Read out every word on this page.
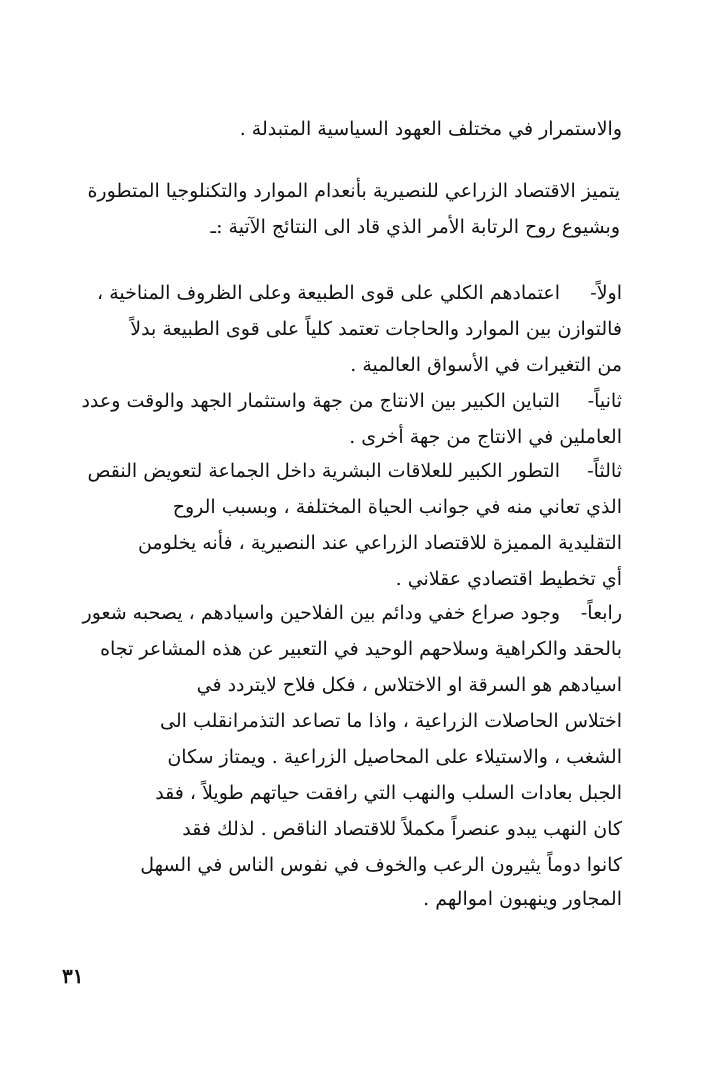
والاستمرار في مختلف العهود السياسية المتبدلة .
يتميز الاقتصاد الزراعي للنصيرية بأنعدام الموارد والتكنلوجيا المتطورة
وبشيوع روح الرتابة الأمر الذي قاد الى النتائج الآتية :ـ
اولاً-
اعتمادهم الكلي على قوى الطبيعة وعلى الظروف المناخية ،
فالتوازن بين الموارد والحاجات تعتمد كلياً على قوى الطبيعة بدلاً
من التغيرات في الأسواق العالمية .
ثانياً-
التباين الكبير بين الانتاج من جهة واستثمار الجهد والوقت وعدد
العاملين في الانتاج من جهة أخرى .
ثالثاً-
التطور الكبير للعلاقات البشرية داخل الجماعة لتعويض النقص
الذي تعاني منه في جوانب الحياة المختلفة ، وبسبب الروح
التقليدية المميزة للاقتصاد الزراعي عند النصيرية ، فأنه يخلومن
أي تخطيط اقتصادي عقلاني .
رابعاً-
وجود صراع خفي ودائم بين الفلاحين واسيادهم ، يصحبه شعور
بالحقد والكراهية وسلاحهم الوحيد في التعبير عن هذه المشاعر تجاه
اسيادهم هو السرقة او الاختلاس ، فكل فلاح لايتردد في
اختلاس الحاصلات الزراعية ، واذا ما تصاعد التذمرانقلب الى
الشغب ، والاستيلاء على المحاصيل الزراعية . ويمتاز سكان
الجبل بعادات السلب والنهب التي رافقت حياتهم طويلاً ، فقد
كان النهب يبدو عنصراً مكملاً للاقتصاد الناقص . لذلك فقد
كانوا دوماً يثيرون الرعب والخوف في نفوس الناس في السهل
المجاور وينهبون اموالهم .
٣١
